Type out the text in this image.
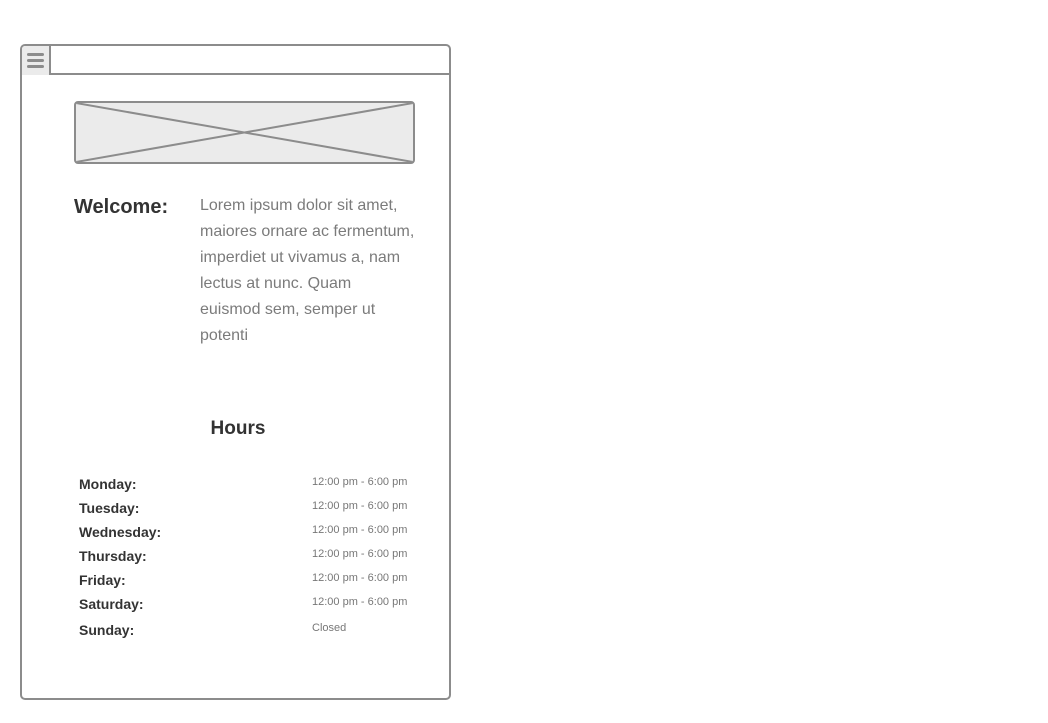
Welcome: Lorem ipsum dolor sit amet, maiores ornare ac fermentum, imperdiet ut vivamus a, nam lectus at nunc. Quam euismod sem, semper ut potenti
Hours
Monday:	12:00 pm - 6:00 pm
Tuesday:	12:00 pm - 6:00 pm
Wednesday:	12:00 pm - 6:00 pm
Thursday:	12:00 pm - 6:00 pm
Friday:	12:00 pm - 6:00 pm
Saturday:	12:00 pm - 6:00 pm
Sunday:	Closed
